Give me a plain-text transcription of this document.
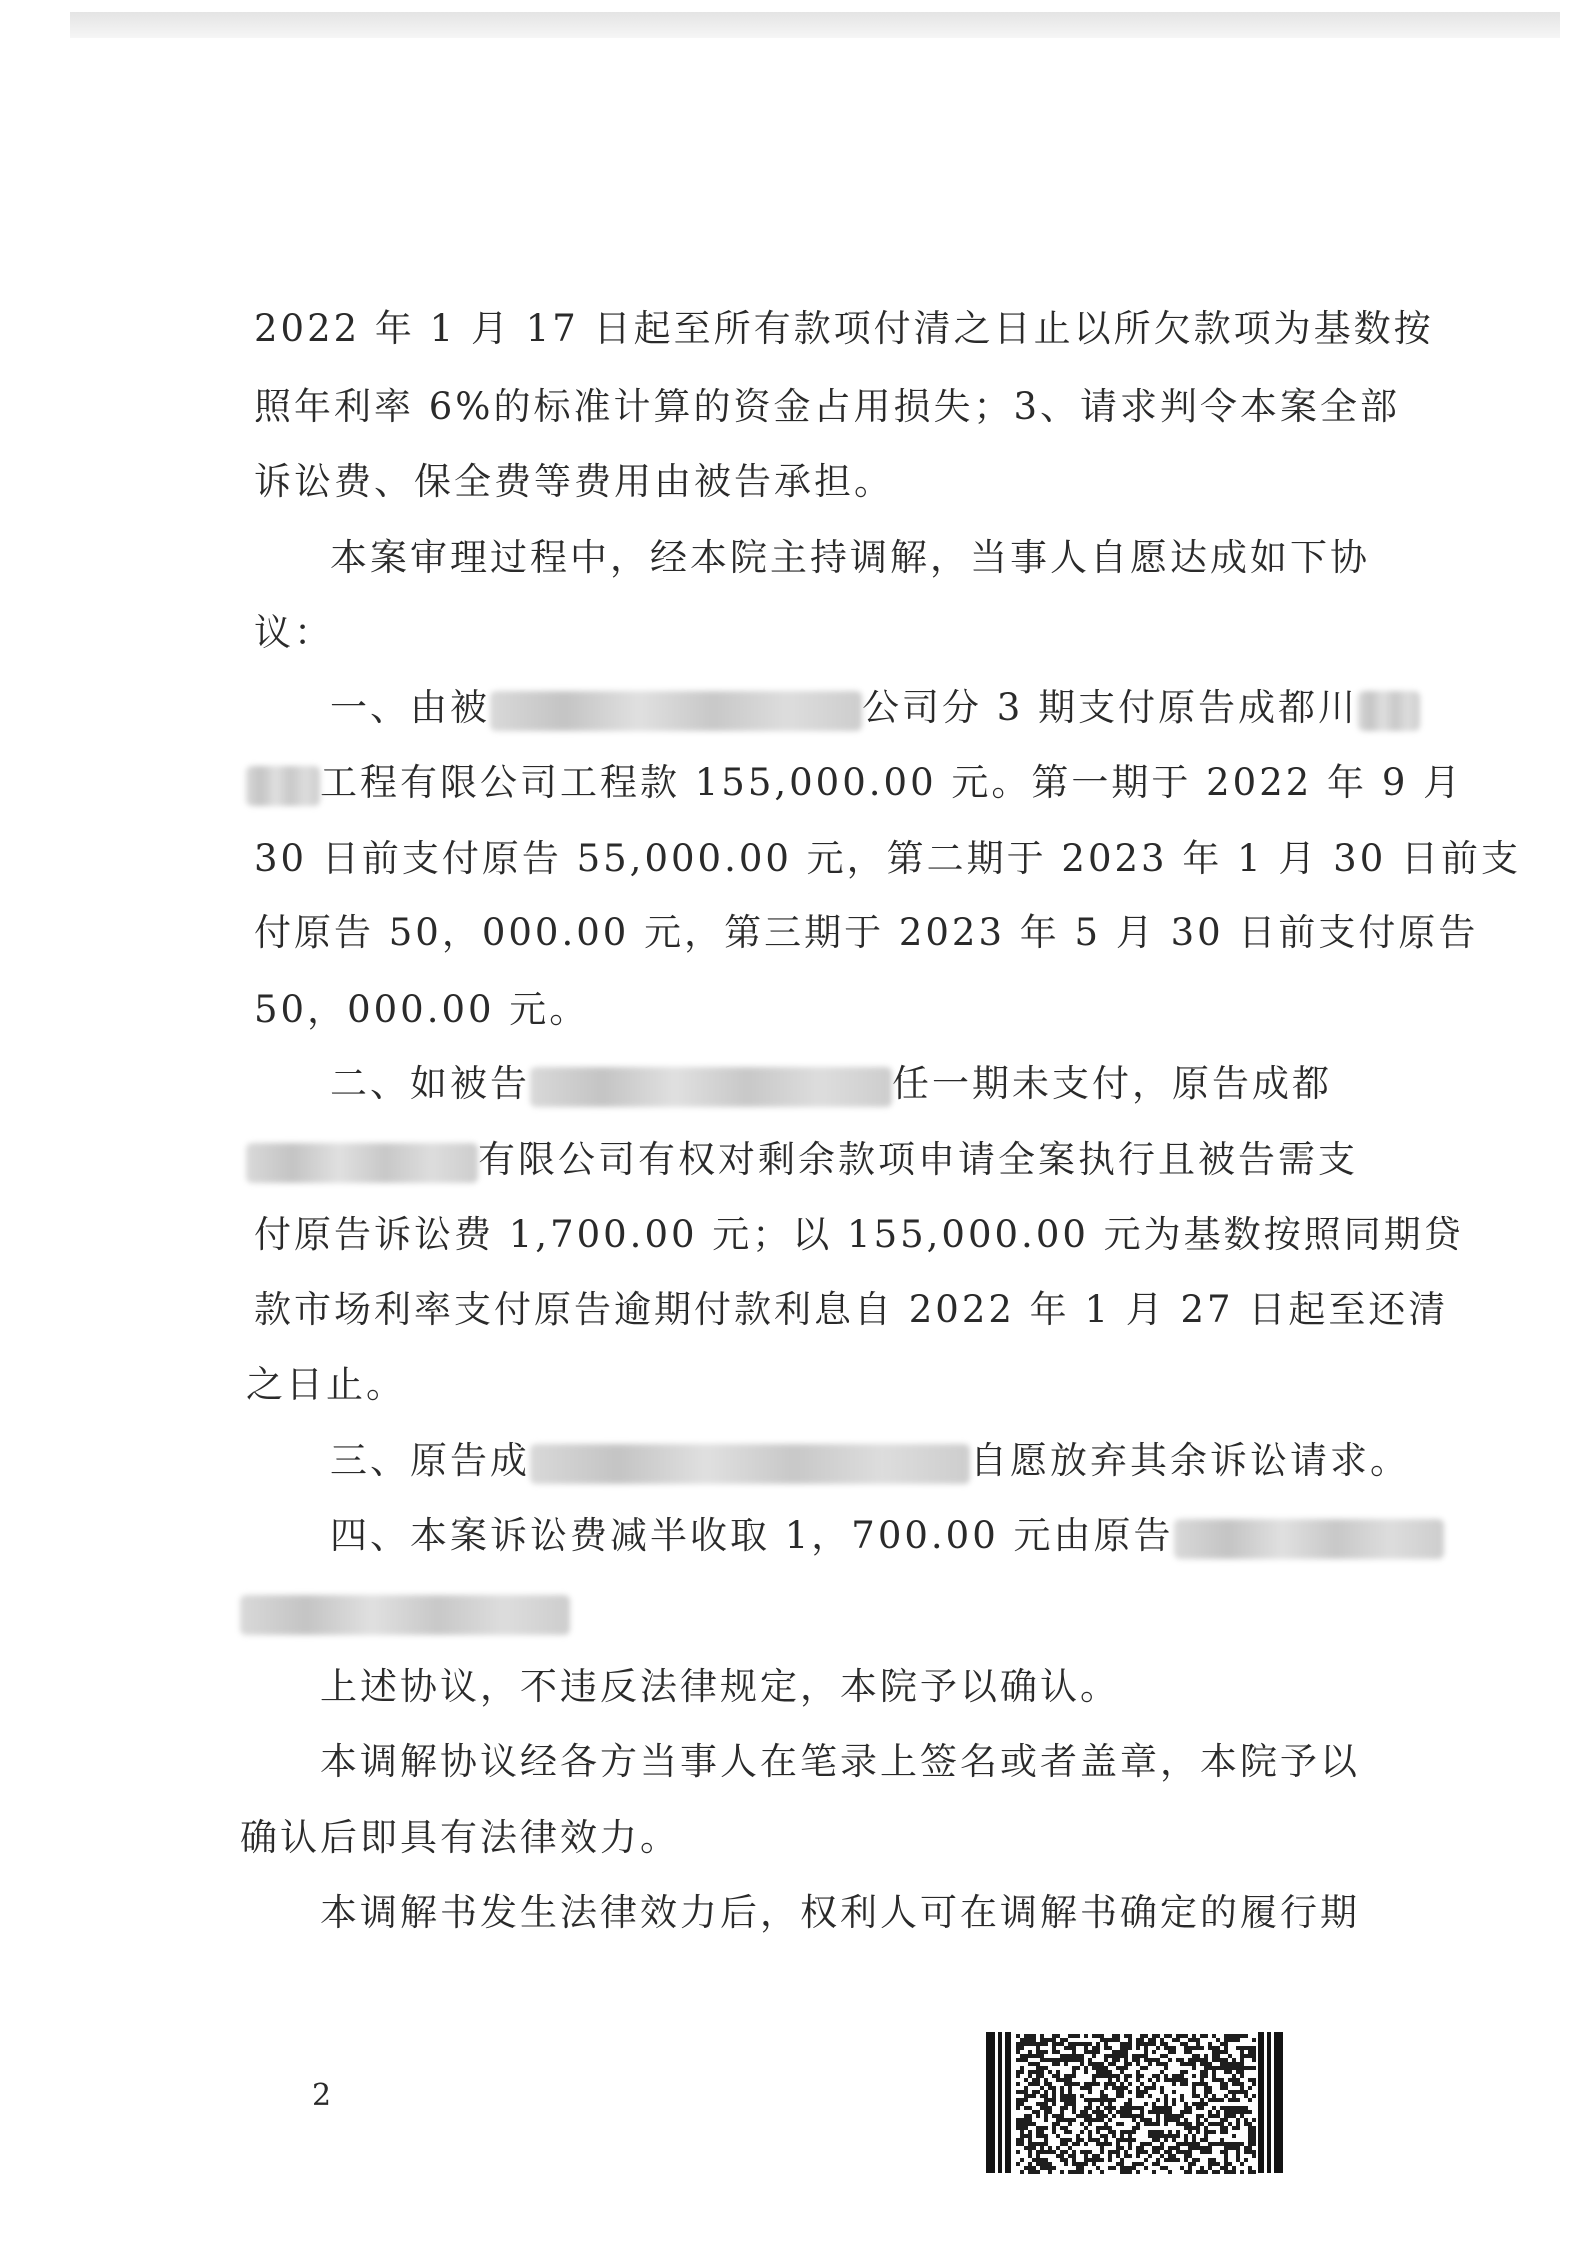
2022 年 1 月 17 日起至所有款项付清之日止以所欠款项为基数按
照年利率 6%的标准计算的资金占用损失；3、请求判令本案全部
诉讼费、保全费等费用由被告承担。
本案审理过程中，经本院主持调解，当事人自愿达成如下协
议：
一、由被	公司分 3 期支付原告成都川
工程有限公司工程款 155,000.00 元。第一期于 2022 年 9 月
30 日前支付原告 55,000.00 元，第二期于 2023 年 1 月 30 日前支
付原告 50，000.00 元，第三期于 2023 年 5 月 30 日前支付原告
50，000.00 元。
二、如被告	任一期未支付，原告成都
有限公司有权对剩余款项申请全案执行且被告需支
付原告诉讼费 1,700.00 元；以 155,000.00 元为基数按照同期贷
款市场利率支付原告逾期付款利息自 2022 年 1 月 27 日起至还清
之日止。
三、原告成	自愿放弃其余诉讼请求。
四、本案诉讼费减半收取 1，700.00 元由原告
上述协议，不违反法律规定，本院予以确认。
本调解协议经各方当事人在笔录上签名或者盖章，本院予以
确认后即具有法律效力。
本调解书发生法律效力后，权利人可在调解书确定的履行期
2
